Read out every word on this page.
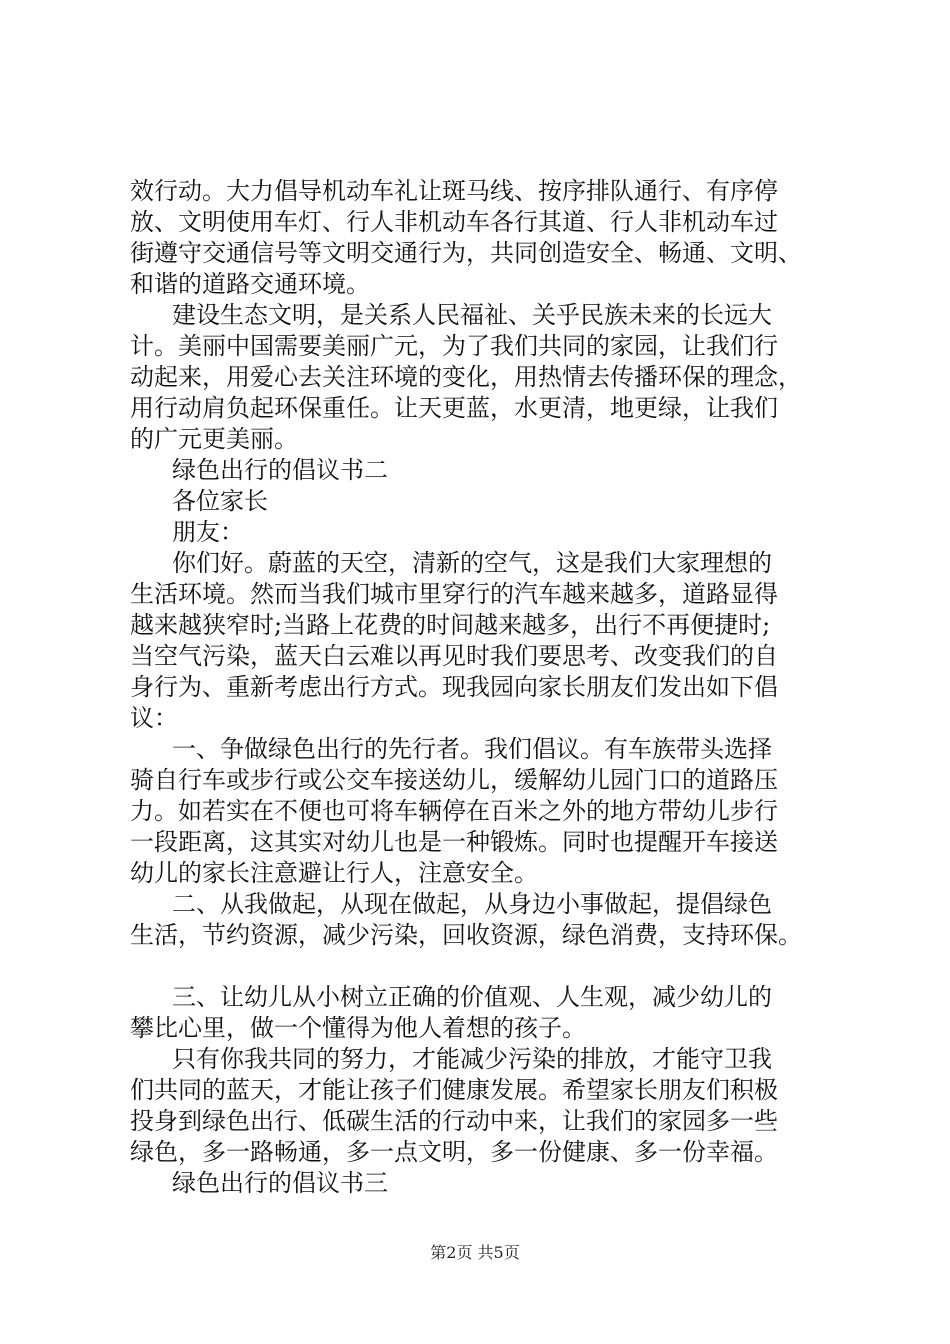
效行动。大力倡导机动车礼让斑马线、按序排队通行、有序停
放、文明使用车灯、行人非机动车各行其道、行人非机动车过
街遵守交通信号等文明交通行为，共同创造安全、畅通、文明、
和谐的道路交通环境。
建设生态文明，是关系人民福祉、关乎民族未来的长远大
计。美丽中国需要美丽广元，为了我们共同的家园，让我们行
动起来，用爱心去关注环境的变化，用热情去传播环保的理念，
用行动肩负起环保重任。让天更蓝，水更清，地更绿，让我们
的广元更美丽。
绿色出行的倡议书二
各位家长
朋友：
你们好。蔚蓝的天空，清新的空气，这是我们大家理想的
生活环境。然而当我们城市里穿行的汽车越来越多，道路显得
越来越狭窄时;当路上花费的时间越来越多，出行不再便捷时;
当空气污染，蓝天白云难以再见时我们要思考、改变我们的自
身行为、重新考虑出行方式。现我园向家长朋友们发出如下倡
议：
一、争做绿色出行的先行者。我们倡议。有车族带头选择
骑自行车或步行或公交车接送幼儿，缓解幼儿园门口的道路压
力。如若实在不便也可将车辆停在百米之外的地方带幼儿步行
一段距离，这其实对幼儿也是一种锻炼。同时也提醒开车接送
幼儿的家长注意避让行人，注意安全。
二、从我做起，从现在做起，从身边小事做起，提倡绿色
生活，节约资源，减少污染，回收资源，绿色消费，支持环保。
三、让幼儿从小树立正确的价值观、人生观，减少幼儿的
攀比心里，做一个懂得为他人着想的孩子。
只有你我共同的努力，才能减少污染的排放，才能守卫我
们共同的蓝天，才能让孩子们健康发展。希望家长朋友们积极
投身到绿色出行、低碳生活的行动中来，让我们的家园多一些
绿色，多一路畅通，多一点文明，多一份健康、多一份幸福。
绿色出行的倡议书三
第2页 共5页
